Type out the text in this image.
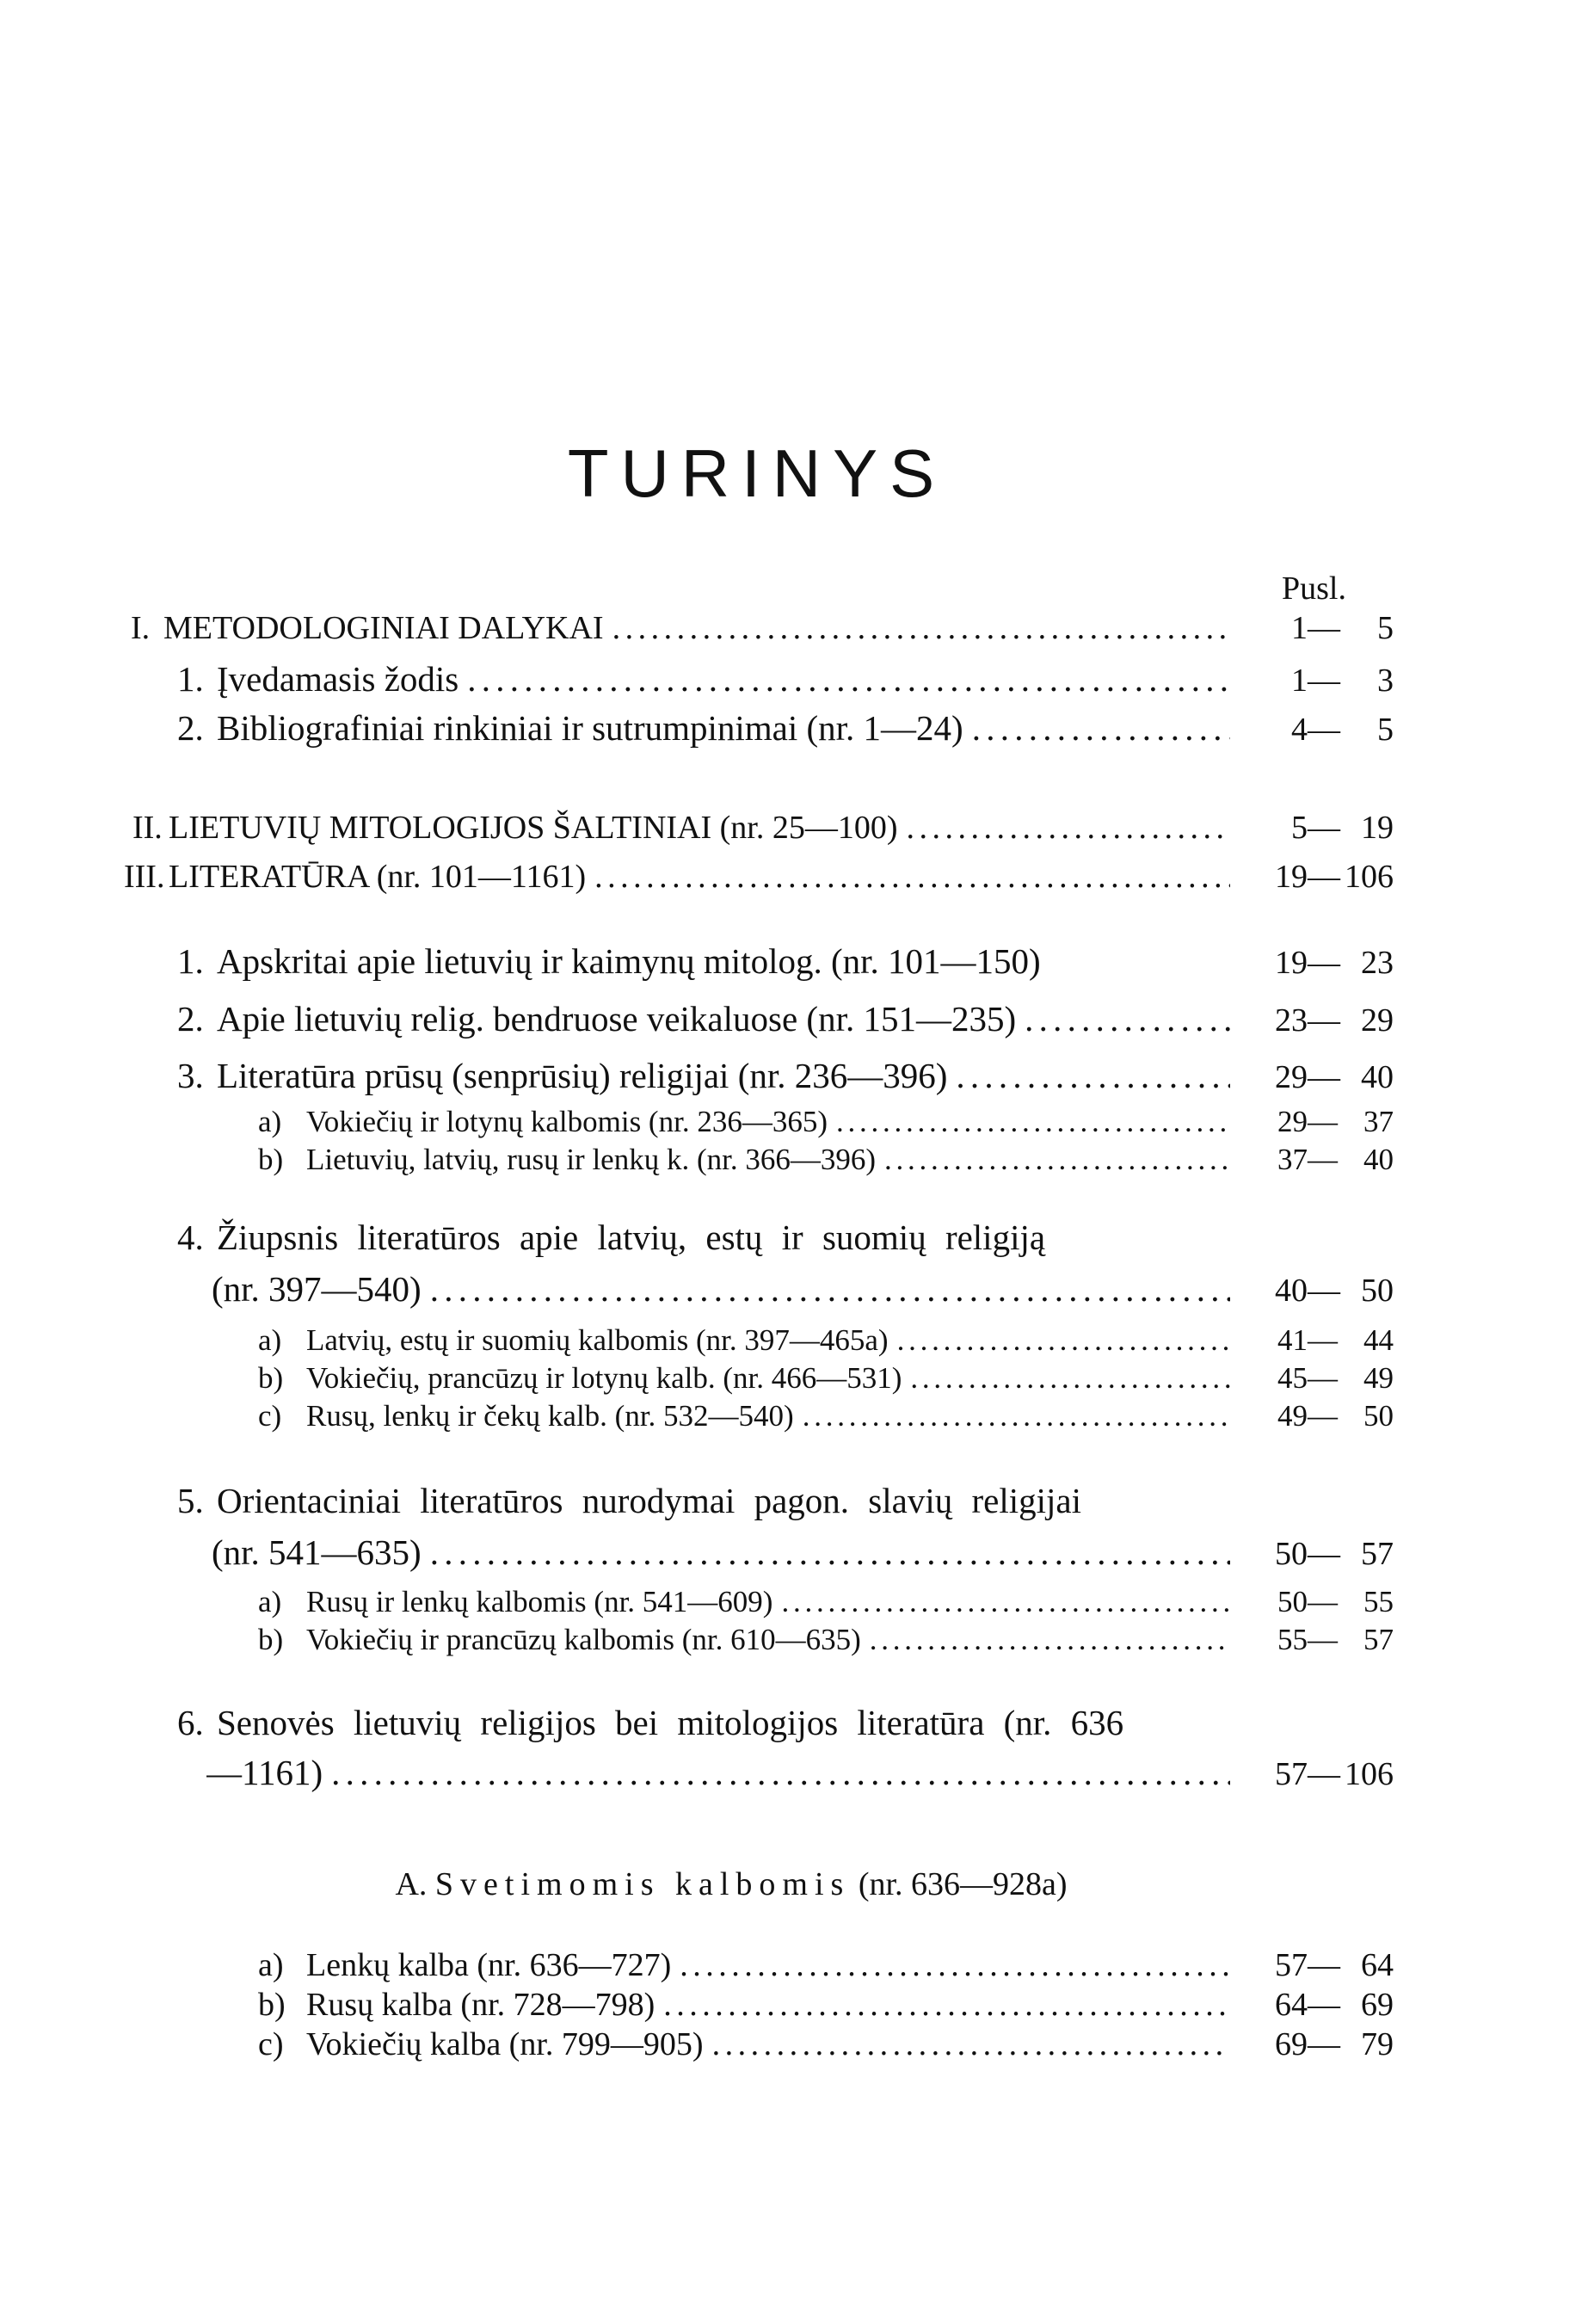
TURINYS
Pusl.
I. METODOLOGINIAI DALYKAI . . .	1 —	5
1. Įvedamasis žodis . . .	1 —	3
2. Bibliografiniai rinkiniai ir sutrumpinimai (nr. 1—24) . . .	4 —	5
II. LIETUVIŲ MITOLOGIJOS ŠALTINIAI (nr. 25—100) . . .	5 — 19
III. LITERATŪRA (nr. 101—1161) . . .	19 — 106
1. Apskritai apie lietuvių ir kaimynų mitolog. (nr. 101—150)	19 — 23
2. Apie lietuvių relig. bendruose veikaluose (nr. 151—235) . . .	23 — 29
3. Literatūra prūsų (senprūsių) religijai (nr. 236—396) . . .	29 — 40
a) Vokiečių ir lotynų kalbomis (nr. 236—365) . . .	29 — 37
b) Lietuvių, latvių, rusų ir lenkų k. (nr. 366—396) . . .	37 — 40
4. Žiupsnis literatūros apie latvių, estų ir suomių religiją
(nr. 397—540) . . .	40 — 50
a) Latvių, estų ir suomių kalbomis (nr. 397—465a) . . .	41 — 44
b) Vokiečių, prancūzų ir lotynų kalb. (nr. 466—531) . . .	45 — 49
c) Rusų, lenkų ir čekų kalb. (nr. 532—540) . . .	49 — 50
5. Orientaciniai literatūros nurodymai pagon. slavių religijai
(nr. 541—635) . . .	50 — 57
a) Rusų ir lenkų kalbomis (nr. 541—609) . . .	50 — 55
b) Vokiečių ir prancūzų kalbomis (nr. 610—635) . . .	55 — 57
6. Senovės lietuvių religijos bei mitologijos literatūra (nr. 636
—1161) . . .	57 — 106
A. Svetimomis kalbomis (nr. 636—928a)
a) Lenkų kalba (nr. 636—727) . . .	57 — 64
b) Rusų kalba (nr. 728—798) . . .	64 — 69
c) Vokiečių kalba (nr. 799—905) . . .	69 — 79
